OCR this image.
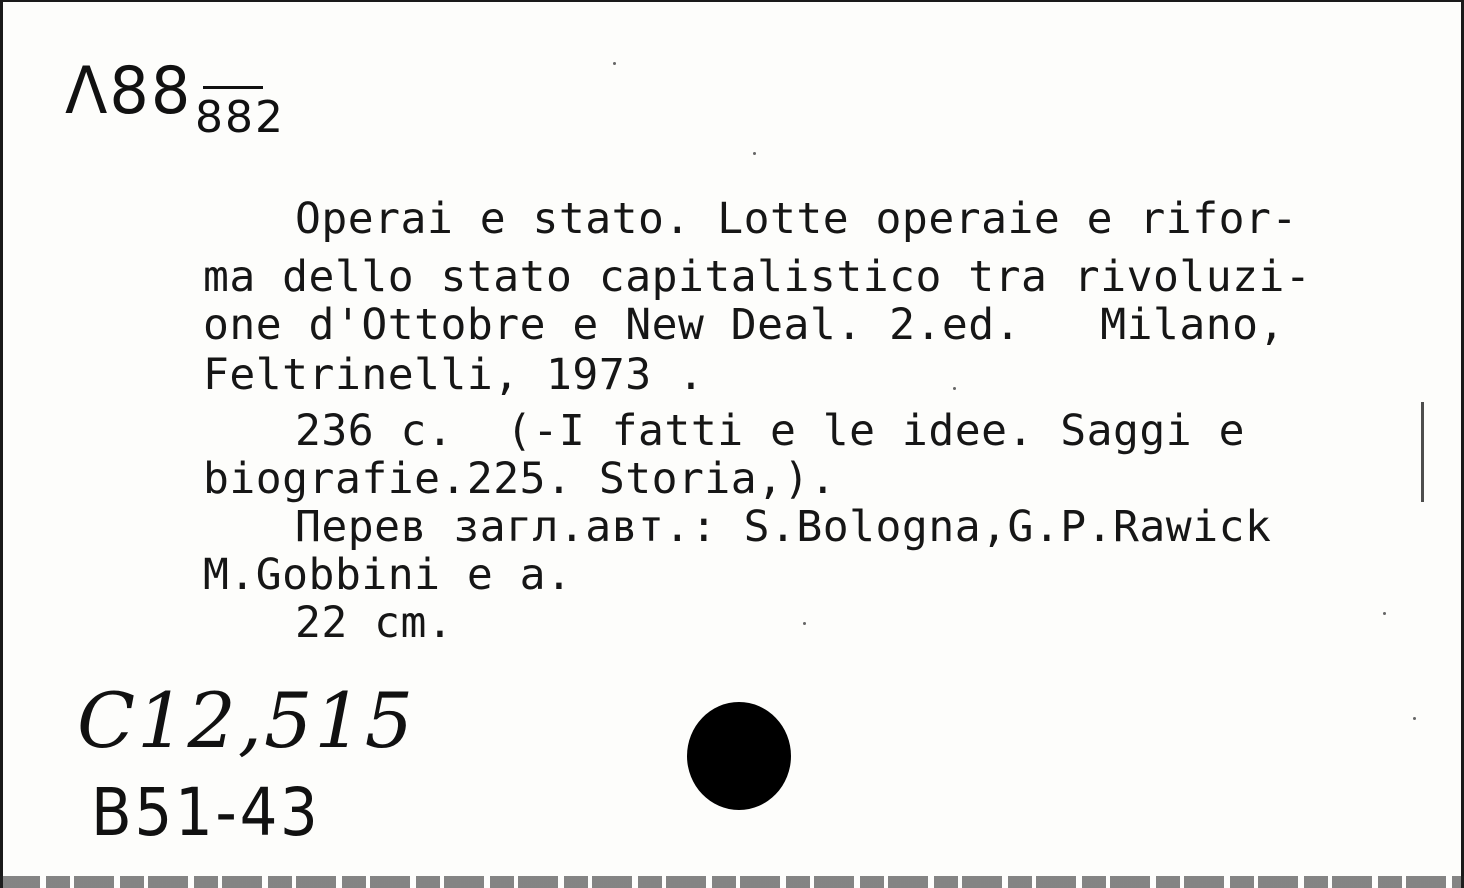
Λ88 882
Operai e stato. Lotte operaie e rifor-
ma dello stato capitalistico tra rivoluzi-
one d'Ottobre e New Deal. 2.ed.   Milano,
Feltrinelli, 1973 .
236 c.  (-I fatti e le idee. Saggi e
biografie.225. Storia,).
Перев загл.авт.: S.Bologna,G.P.Rawick
M.Gobbini e a.
22 cm.
C12,515
B51-43
